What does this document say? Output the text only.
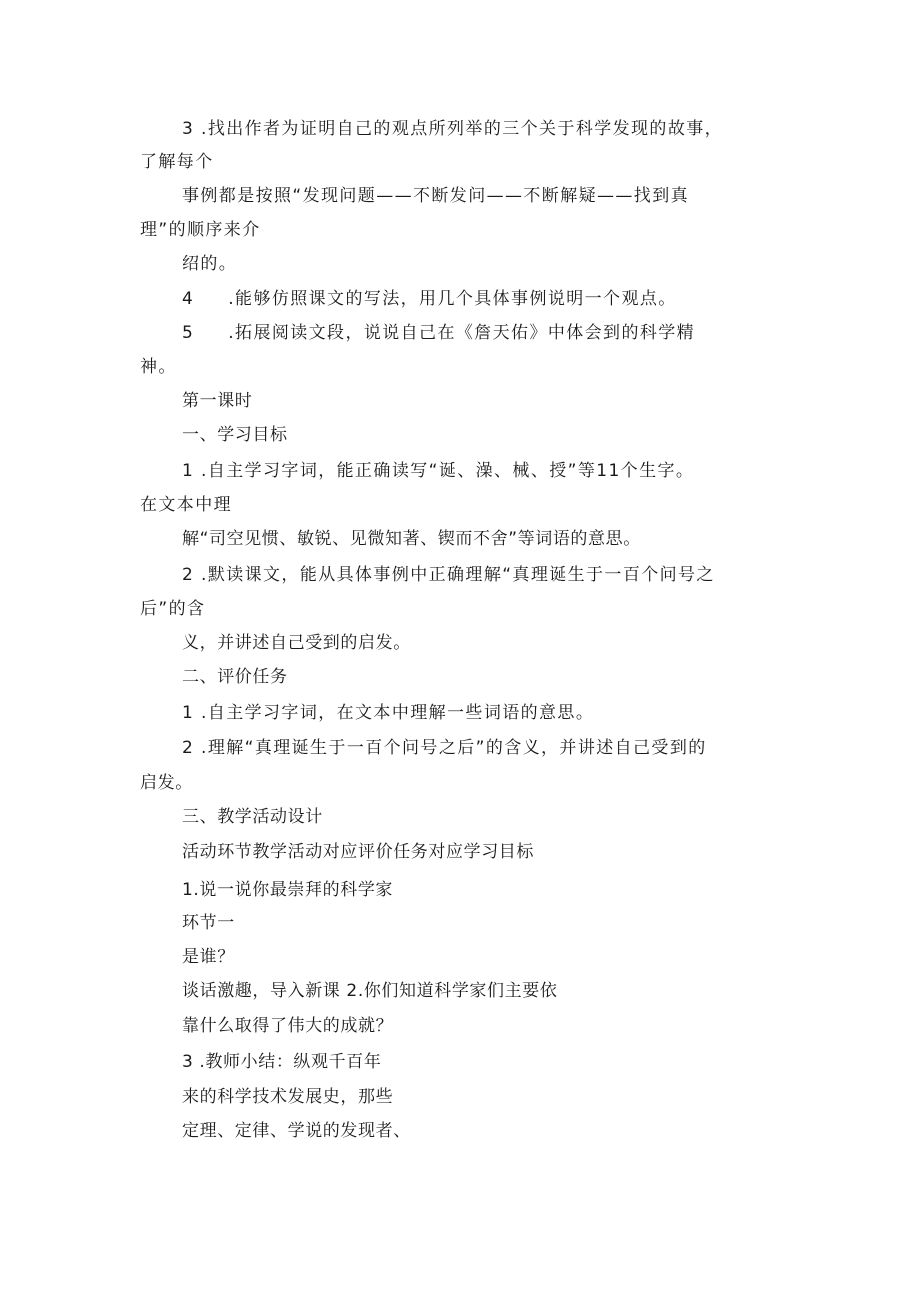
3 .找出作者为证明自己的观点所列举的三个关于科学发现的故事，
了解每个
事例都是按照“发现问题——不断发问——不断解疑——找到真
理”的顺序来介
绍的。
4     .能够仿照课文的写法，用几个具体事例说明一个观点。
5     .拓展阅读文段，说说自己在《詹天佑》中体会到的科学精
神。
第一课时
一、学习目标
1 .自主学习字词，能正确读写“诞、澡、械、授”等11个生字。
在文本中理
解“司空见惯、敏锐、见微知著、锲而不舍”等词语的意思。
2 .默读课文，能从具体事例中正确理解“真理诞生于一百个问号之
后”的含
义，并讲述自己受到的启发。
二、评价任务
1 .自主学习字词，在文本中理解一些词语的意思。
2 .理解“真理诞生于一百个问号之后”的含义，并讲述自己受到的
启发。
三、教学活动设计
活动环节教学活动对应评价任务对应学习目标
1.说一说你最崇拜的科学家
环节一
是谁？
谈话激趣，导入新课 2.你们知道科学家们主要依
靠什么取得了伟大的成就？
3 .教师小结：纵观千百年
来的科学技术发展史，那些
定理、定律、学说的发现者、
